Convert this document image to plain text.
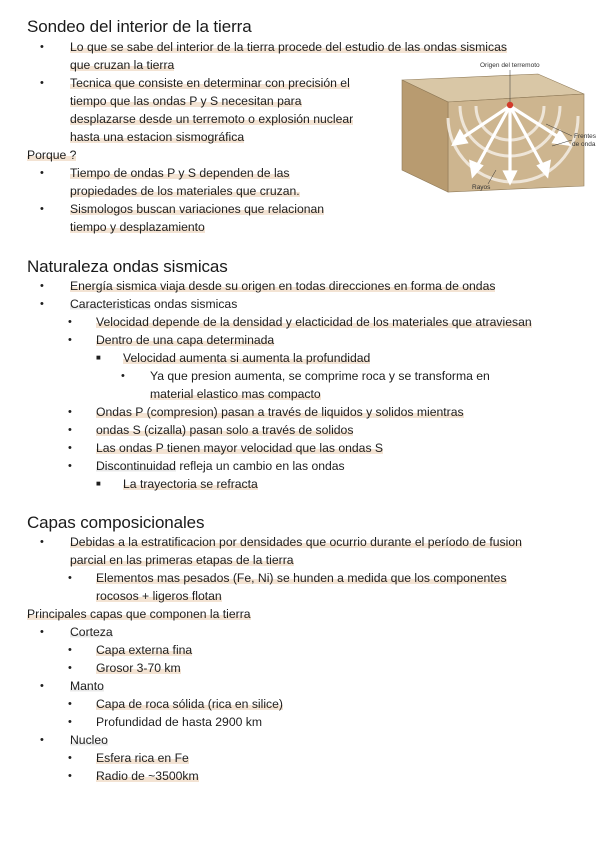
Sondeo del interior de la tierra
• Lo que se sabe del interior de la tierra procede del estudio de las ondas sismicas
que cruzan la tierra
• Tecnica que consiste en determinar con precisión el
tiempo que las ondas P y S necesitan para
desplazarse desde un terremoto o explosión nuclear
hasta una estacion sismográfica
Porque ?
• Tiempo de ondas P y S dependen de las
propiedades de los materiales que cruzan.
• Sismologos buscan variaciones que relacionan
tiempo y desplazamiento
Origen del terremoto
Frentes
de onda
Rayos
Naturaleza ondas sismicas
• Energía sismica viaja desde su origen en todas direcciones en forma de ondas
• Caracteristicas ondas sismicas
• Velocidad depende de la densidad y elacticidad de los materiales que atraviesan
• Dentro de una capa determinada
■ Velocidad aumenta si aumenta la profundidad
• Ya que presion aumenta, se comprime roca y se transforma en
material elastico mas compacto
• Ondas P (compresion) pasan a través de liquidos y solidos mientras
• ondas S (cizalla) pasan solo a través de solidos
• Las ondas P tienen mayor velocidad que las ondas S
• Discontinuidad refleja un cambio en las ondas
■ La trayectoria se refracta
Capas composicionales
• Debidas a la estratificacion por densidades que ocurrio durante el período de fusion
parcial en las primeras etapas de la tierra
• Elementos mas pesados (Fe, Ni) se hunden a medida que los componentes
rocosos + ligeros flotan
Principales capas que componen la tierra
• Corteza
• Capa externa fina
• Grosor 3-70 km
• Manto
• Capa de roca sólida (rica en silice)
• Profundidad de hasta 2900 km
• Nucleo
• Esfera rica en Fe
• Radio de ~3500km
